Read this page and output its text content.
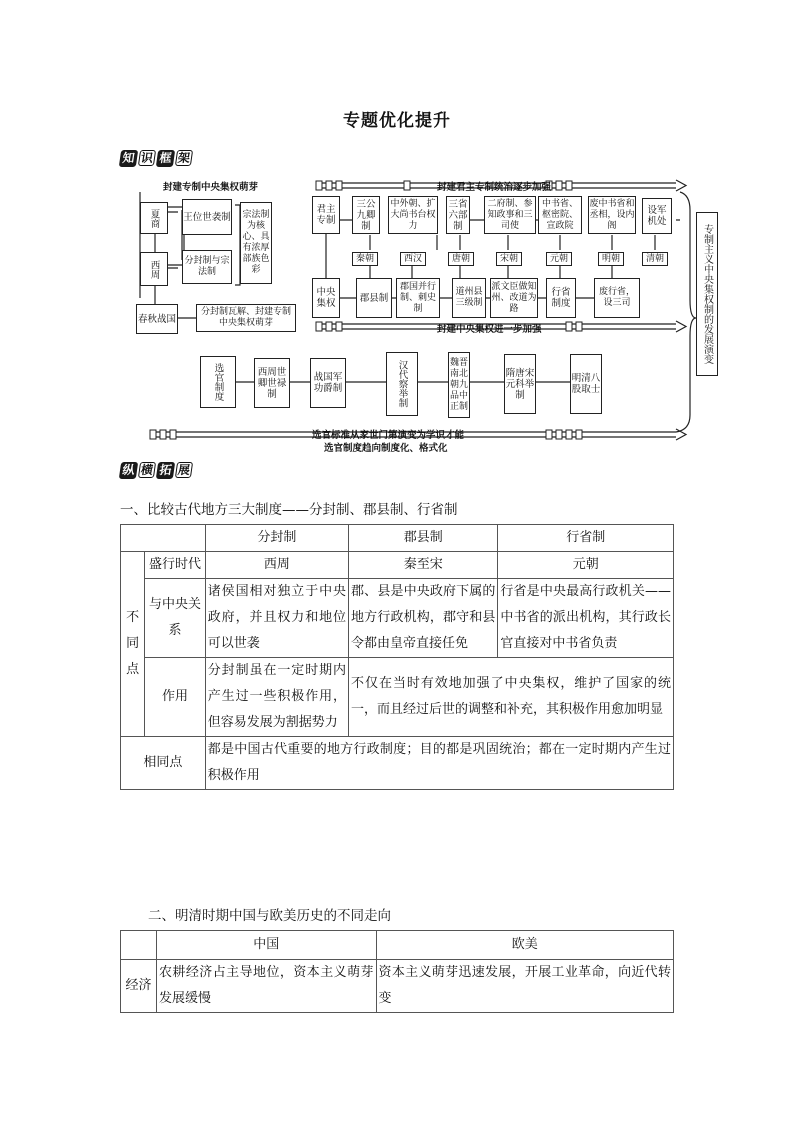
专题优化提升
知 识 框 架
封建专制中央集权萌芽
夏商 王位世袭制 宗法制为核心、具有浓厚部族色彩
西周	分封制与宗法制
春秋战国
分封制瓦解、封建专制中央集权萌芽
封建君主专制统治逐步加强
封建中央集权进一步加强
君主专制
三公九卿制
中外朝、扩大尚书台权力
三省六部制
二府制、参知政事和三司使
中书省、枢密院、宣政院
废中书省和丞相，设内阁
设军机处
秦朝	西汉	唐朝	宋朝	元朝	明朝	清朝
中央集权	郡县制
郡国并行制、刺史制
道州县三级制
派文臣做知州、改道为路
行省制度
废行省，设三司	专制主义中央集权制的发展演变
选官制度	西周世卿世禄制
战国军功爵制	汉代察举制	魏晋南北朝九品中正制
隋唐宋元科举制
明清八股取士
选官标准从家世门第演变为学识才能
选官制度趋向制度化、格式化
纵 横 拓 展
一、比较古代地方三大制度——分封制、郡县制、行省制
		分封制	郡县制	行省制
不同点	盛行时代	西周	秦至宋	元朝
	与中央关系	诸侯国相对独立于中央政府，并且权力和地位可以世袭	郡、县是中央政府下属的地方行政机构，郡守和县令都由皇帝直接任免	行省是中央最高行政机关——中书省的派出机构，其行政长官直接对中书省负责
	作用	分封制虽在一定时期内产生过一些积极作用，但容易发展为割据势力	不仅在当时有效地加强了中央集权，维护了国家的统一，而且经过后世的调整和补充，其积极作用愈加明显	
相同点		都是中国古代重要的地方行政制度；目的都是巩固统治；都在一定时期内产生过积极作用		
二、明清时期中国与欧美历史的不同走向
	中国	欧美
经济	农耕经济占主导地位，资本主义萌芽发展缓慢	资本主义萌芽迅速发展，开展工业革命，向近代转变
